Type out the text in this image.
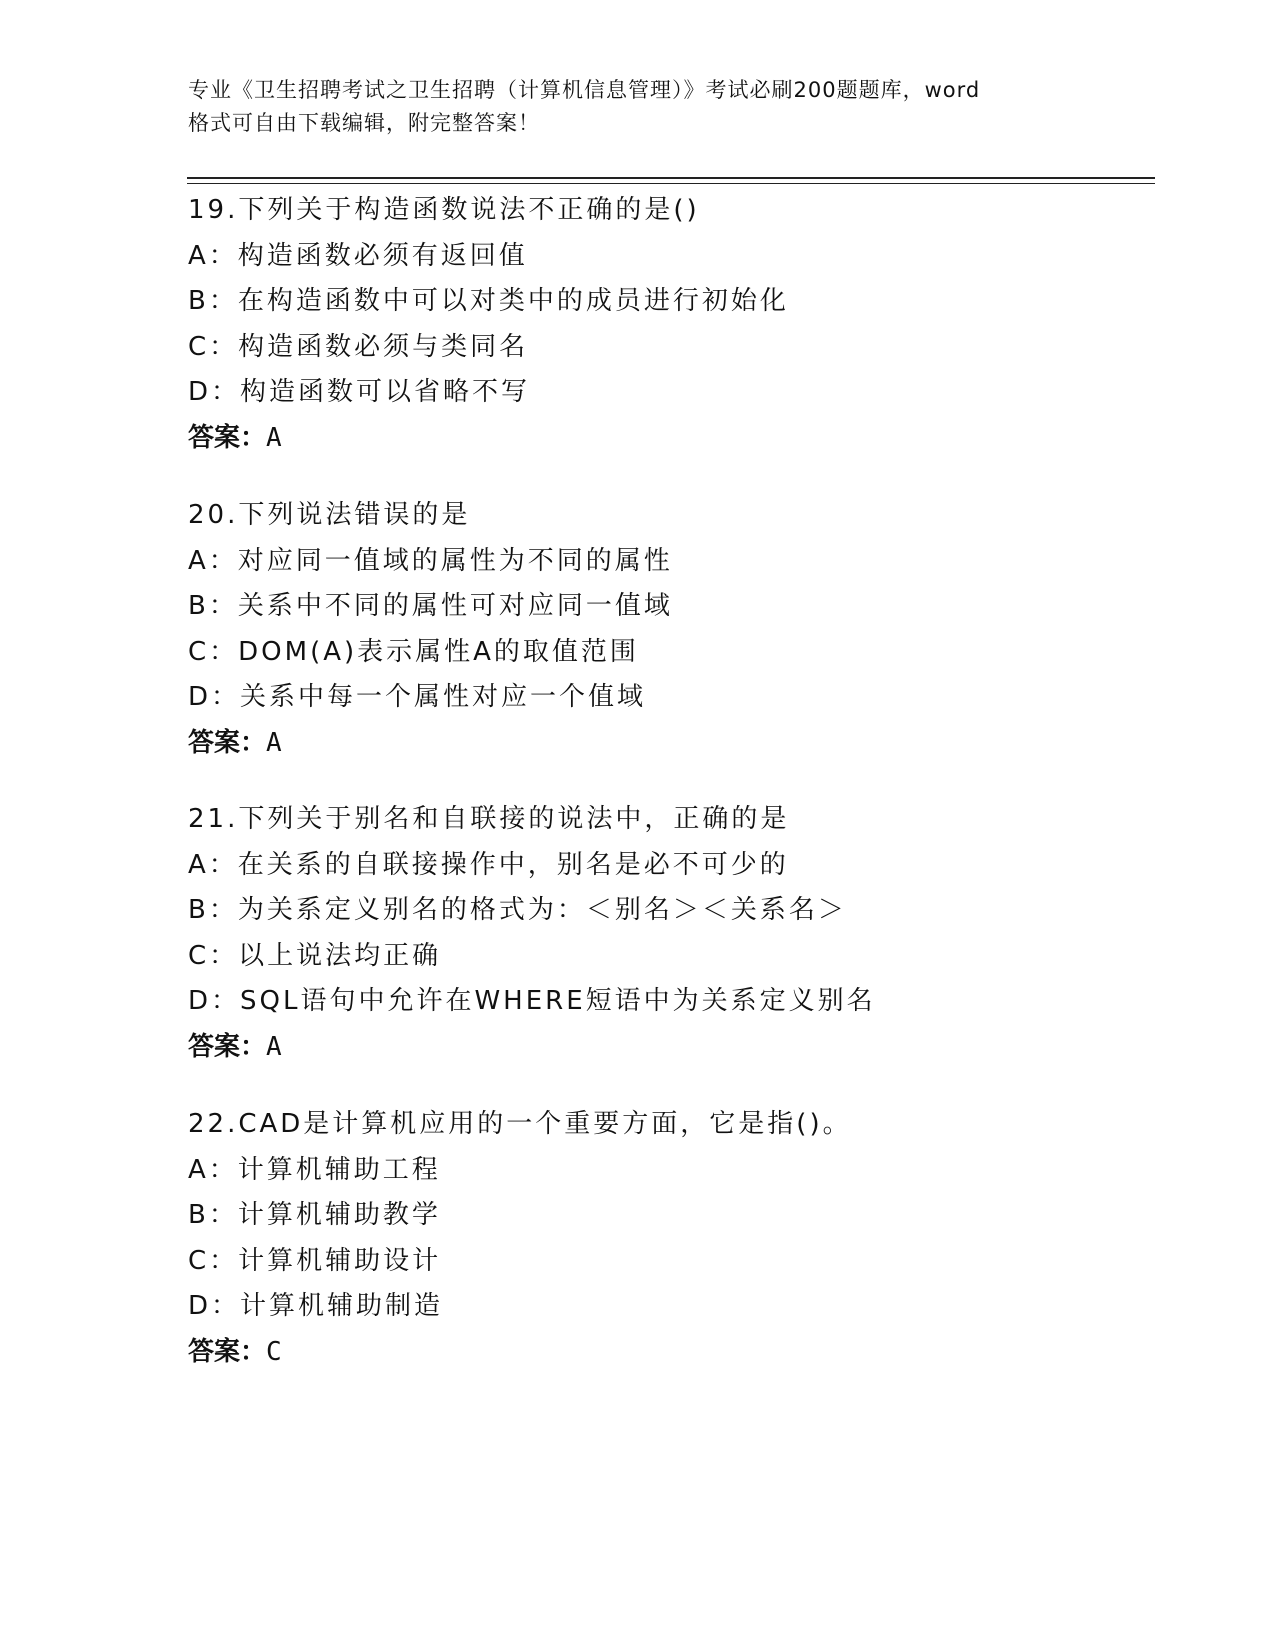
专业《卫生招聘考试之卫生招聘（计算机信息管理）》考试必刷200题题库，word
格式可自由下载编辑，附完整答案！
19.下列关于构造函数说法不正确的是()
A：构造函数必须有返回值
B：在构造函数中可以对类中的成员进行初始化
C：构造函数必须与类同名
D：构造函数可以省略不写
答案：A
20.下列说法错误的是
A：对应同一值域的属性为不同的属性
B：关系中不同的属性可对应同一值域
C：DOM(A)表示属性A的取值范围
D：关系中每一个属性对应一个值域
答案：A
21.下列关于别名和自联接的说法中，正确的是
A：在关系的自联接操作中，别名是必不可少的
B：为关系定义别名的格式为：＜别名＞＜关系名＞
C：以上说法均正确
D：SQL语句中允许在WHERE短语中为关系定义别名
答案：A
22.CAD是计算机应用的一个重要方面，它是指()。
A：计算机辅助工程
B：计算机辅助教学
C：计算机辅助设计
D：计算机辅助制造
答案：C
